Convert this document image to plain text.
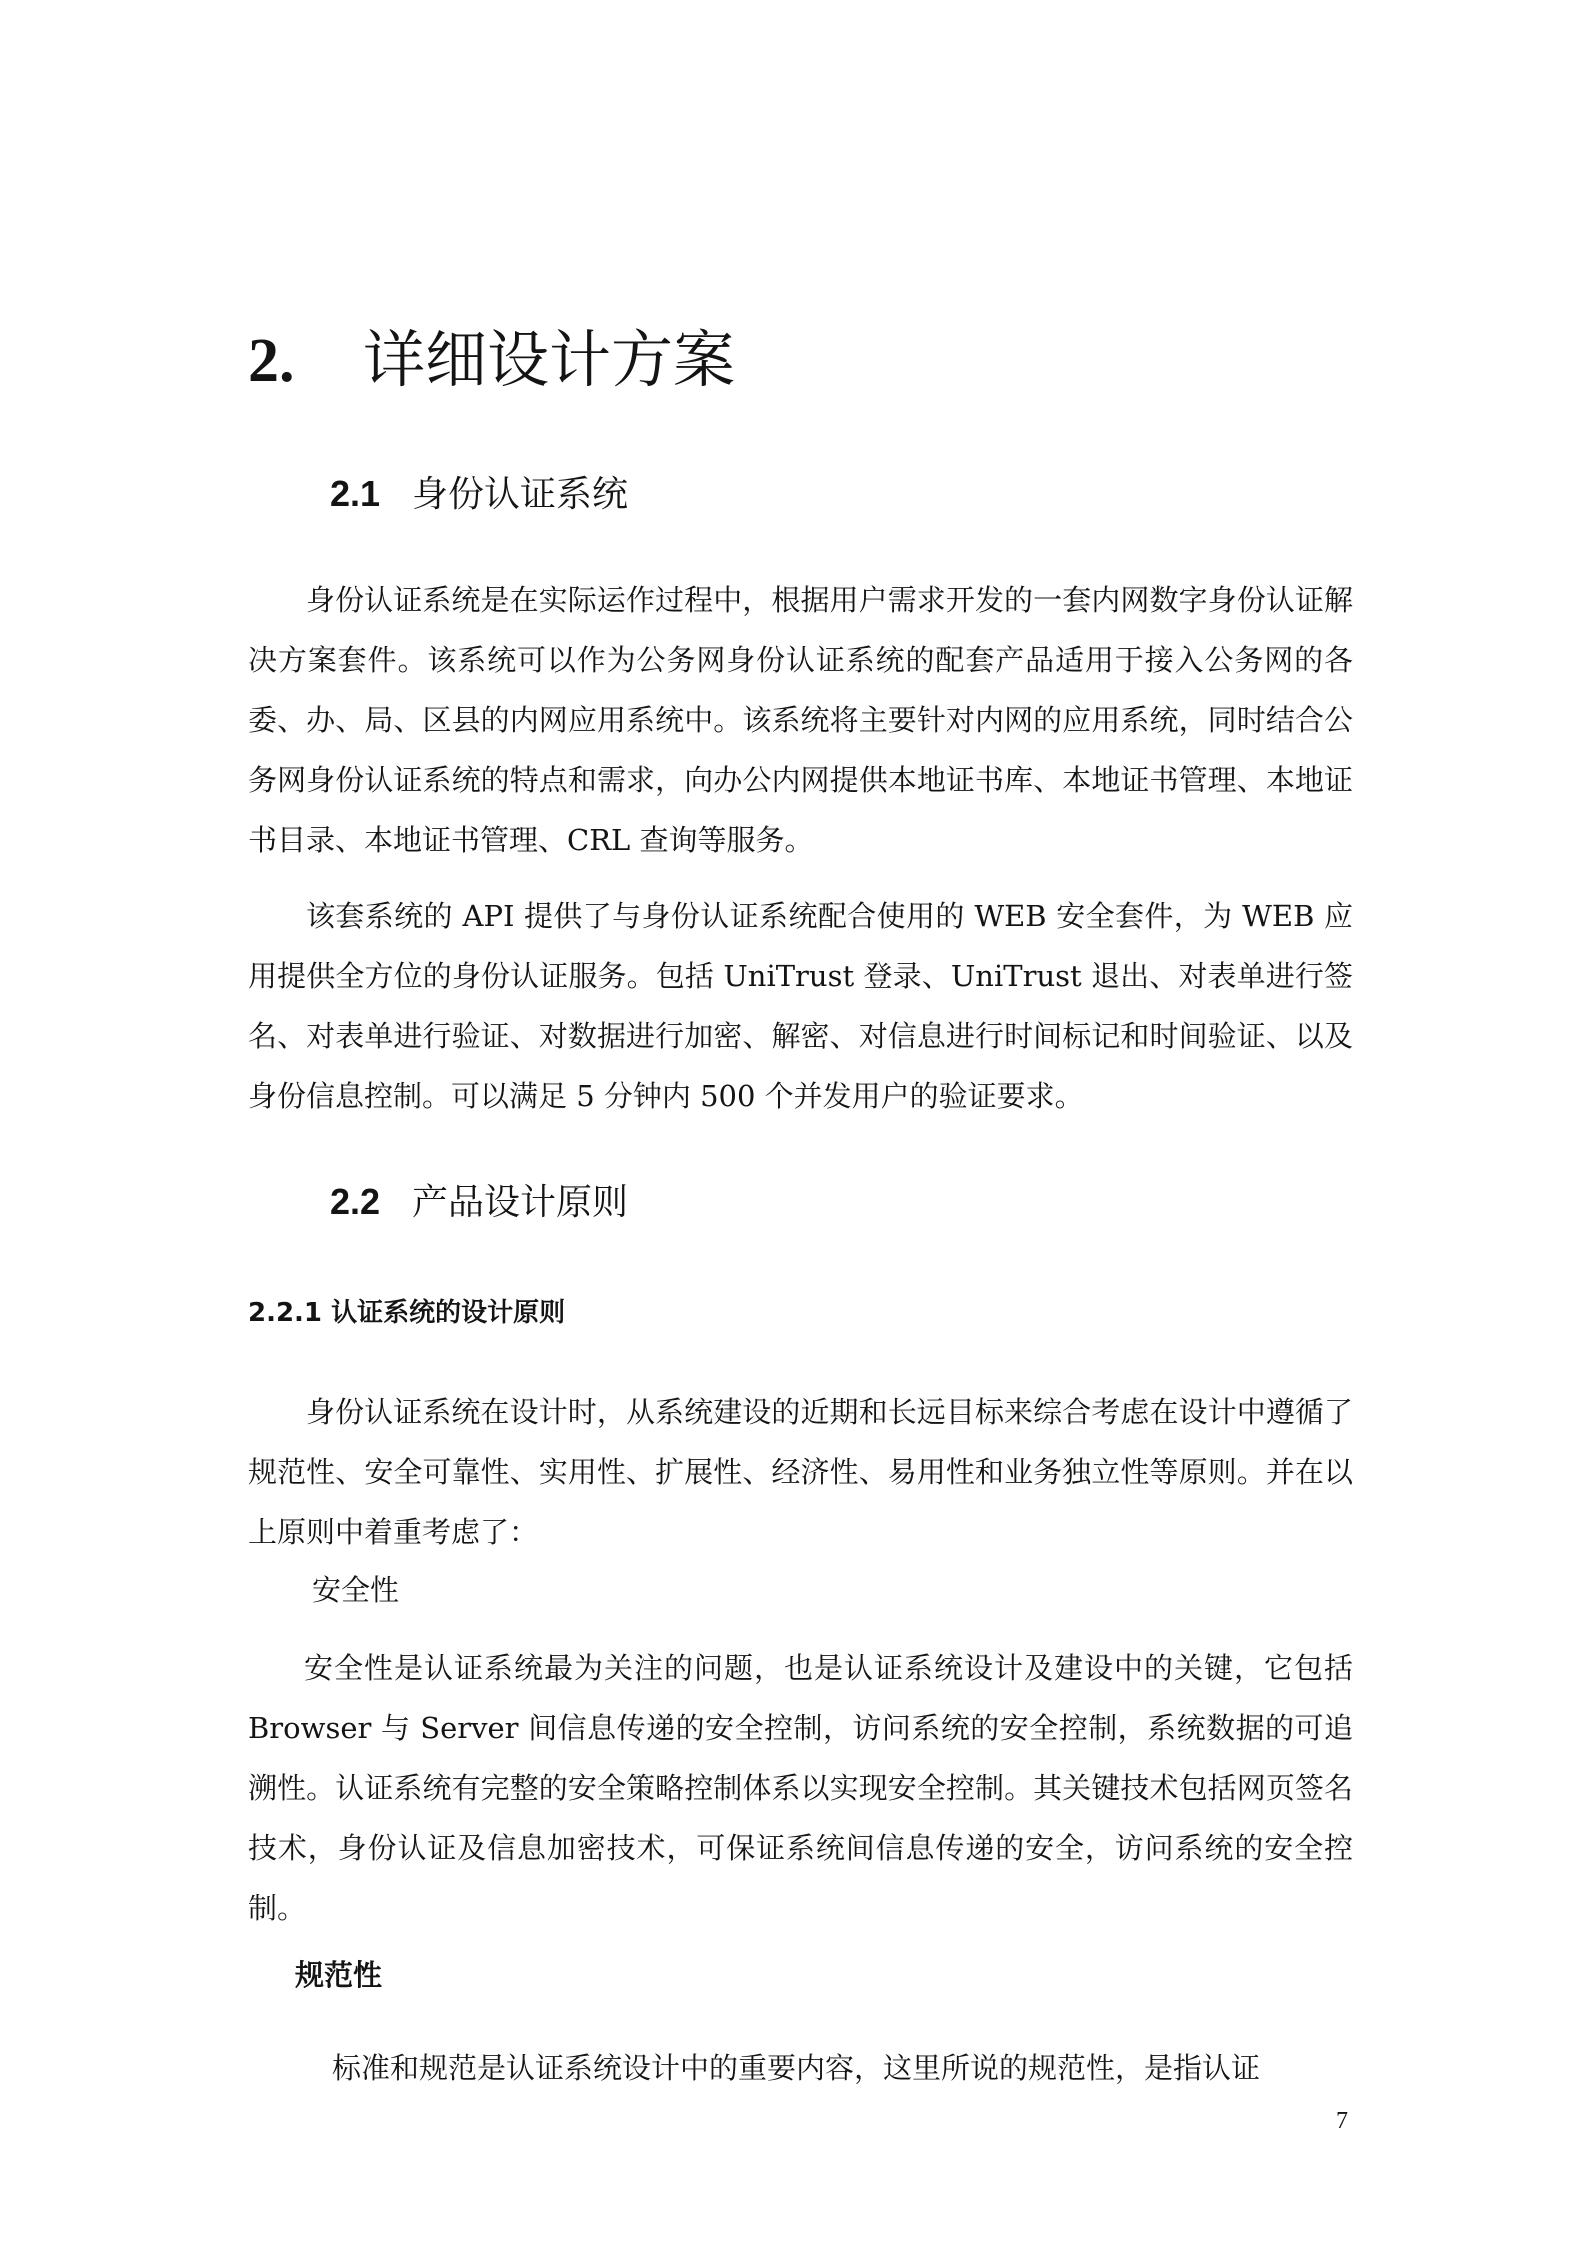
2. 详细设计方案
2.1 身份认证系统

身份认证系统是在实际运作过程中，根据用户需求开发的一套内网数字身份认证解决方案套件。该系统可以作为公务网身份认证系统的配套产品适用于接入公务网的各委、办、局、区县的内网应用系统中。该系统将主要针对内网的应用系统，同时结合公务网身份认证系统的特点和需求，向办公内网提供本地证书库、本地证书管理、本地证书目录、本地证书管理、CRL 查询等服务。

该套系统的 API 提供了与身份认证系统配合使用的 WEB 安全套件，为 WEB 应用提供全方位的身份认证服务。包括 UniTrust 登录、UniTrust 退出、对表单进行签名、对表单进行验证、对数据进行加密、解密、对信息进行时间标记和时间验证、以及身份信息控制。可以满足 5 分钟内 500 个并发用户的验证要求。

2.2 产品设计原则
2.2.1 认证系统的设计原则

身份认证系统在设计时，从系统建设的近期和长远目标来综合考虑在设计中遵循了规范性、安全可靠性、实用性、扩展性、经济性、易用性和业务独立性等原则。并在以上原则中着重考虑了：

安全性

安全性是认证系统最为关注的问题，也是认证系统设计及建设中的关键，它包括 Browser 与 Server 间信息传递的安全控制，访问系统的安全控制，系统数据的可追溯性。认证系统有完整的安全策略控制体系以实现安全控制。其关键技术包括网页签名技术，身份认证及信息加密技术，可保证系统间信息传递的安全，访问系统的安全控制。

规范性

标准和规范是认证系统设计中的重要内容，这里所说的规范性，是指认证

7
